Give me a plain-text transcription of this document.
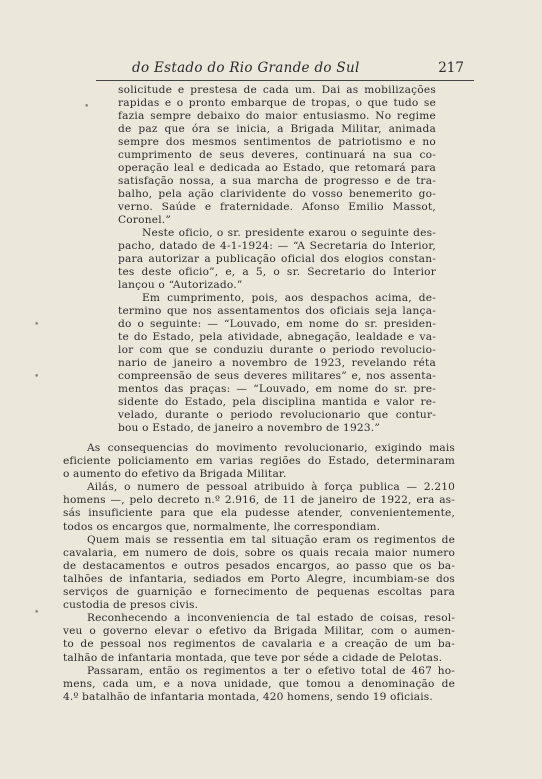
do Estado do Rio Grande do Sul	217
solicitude e prestesa de cada um. Dai as mobilizações
rapidas e o pronto embarque de tropas, o que tudo se
fazia sempre debaixo do maior entusiasmo. No regime
de paz que óra se inicia, a Brigada Militar, animada
sempre dos mesmos sentimentos de patriotismo e no
cumprimento de seus deveres, continuará na sua co-
operação leal e dedicada ao Estado, que retomará para
satisfação nossa, a sua marcha de progresso e de tra-
balho, pela ação clarividente do vosso benemerito go-
verno. Saúde e fraternidade. Afonso Emilio Massot,
Coronel.”
Neste oficio, o sr. presidente exarou o seguinte des-
pacho, datado de 4-1-1924: — “A Secretaria do Interior,
para autorizar a publicação oficial dos elogios constan-
tes deste oficio”, e, a 5, o sr. Secretario do Interior
lançou o “Autorizado.”
Em cumprimento, pois, aos despachos acima, de-
termino que nos assentamentos dos oficiais seja lança-
do o seguinte: — “Louvado, em nome do sr. presiden-
te do Estado, pela atividade, abnegação, lealdade e va-
lor com que se conduziu durante o periodo revolucio-
nario de janeiro a novembro de 1923, revelando réta
compreensão de seus deveres militares” e, nos assenta-
mentos das praças: — “Louvado, em nome do sr. pre-
sidente do Estado, pela disciplina mantida e valor re-
velado, durante o periodo revolucionario que contur-
bou o Estado, de janeiro a novembro de 1923.”
As consequencias do movimento revolucionario, exigindo mais
eficiente policiamento em varias regiões do Estado, determinaram
o aumento do efetivo da Brigada Militar.
Ailás, o numero de pessoal atribuido à força publica — 2.210
homens —, pelo decreto n.º 2.916, de 11 de janeiro de 1922, era as-
sás insuficiente para que ela pudesse atender, convenientemente,
todos os encargos que, normalmente, lhe correspondiam.
Quem mais se ressentia em tal situação eram os regimentos de
cavalaria, em numero de dois, sobre os quais recaia maior numero
de destacamentos e outros pesados encargos, ao passo que os ba-
talhões de infantaria, sediados em Porto Alegre, incumbiam-se dos
serviços de guarnição e fornecimento de pequenas escoltas para
custodia de presos civis.
Reconhecendo a inconveniencia de tal estado de coisas, resol-
veu o governo elevar o efetivo da Brigada Militar, com o aumen-
to de pessoal nos regimentos de cavalaria e a creação de um ba-
talhão de infantaria montada, que teve por séde a cidade de Pelotas.
Passaram, então os regimentos a ter o efetivo total de 467 ho-
mens, cada um, e a nova unidade, que tomou a denominação de
4.º batalhão de infantaria montada, 420 homens, sendo 19 oficiais.
•
•
•
•
